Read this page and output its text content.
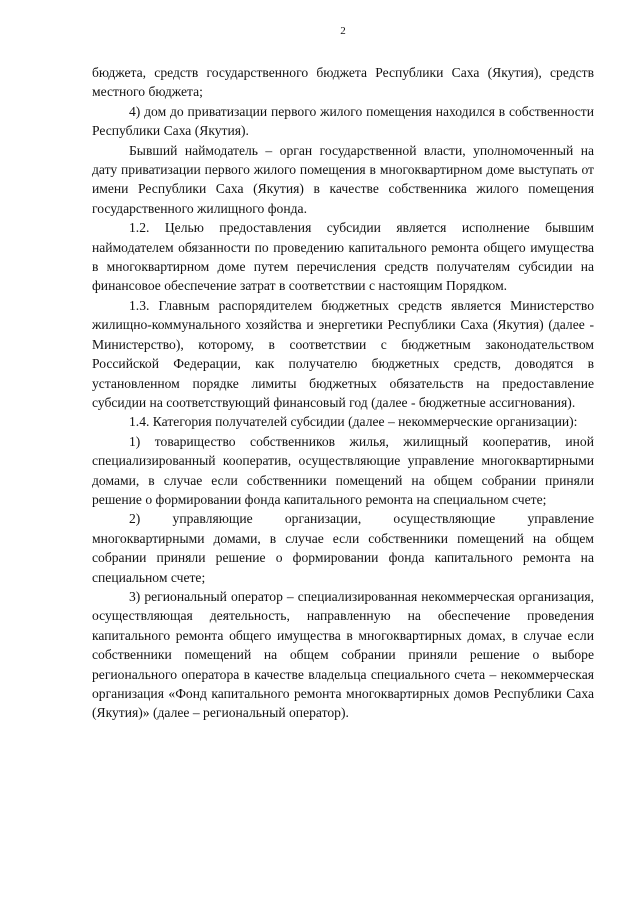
2

бюджета, средств государственного бюджета Республики Саха (Якутия), средств местного бюджета;

4) дом до приватизации первого жилого помещения находился в собственности Республики Саха (Якутия).

Бывший наймодатель – орган государственной власти, уполномоченный на дату приватизации первого жилого помещения в многоквартирном доме выступать от имени Республики Саха (Якутия) в качестве собственника жилого помещения государственного жилищного фонда.

1.2. Целью предоставления субсидии является исполнение бывшим наймодателем обязанности по проведению капитального ремонта общего имущества в многоквартирном доме путем перечисления средств получателям субсидии на финансовое обеспечение затрат в соответствии с настоящим Порядком.

1.3. Главным распорядителем бюджетных средств является Министерство жилищно-коммунального хозяйства и энергетики Республики Саха (Якутия) (далее - Министерство), которому, в соответствии с бюджетным законодательством Российской Федерации, как получателю бюджетных средств, доводятся в установленном порядке лимиты бюджетных обязательств на предоставление субсидии на соответствующий финансовый год (далее - бюджетные ассигнования).

1.4. Категория получателей субсидии (далее – некоммерческие организации):

1) товарищество собственников жилья, жилищный кооператив, иной специализированный кооператив, осуществляющие управление многоквартирными домами, в случае если собственники помещений на общем собрании приняли решение о формировании фонда капитального ремонта на специальном счете;

2) управляющие организации, осуществляющие управление многоквартирными домами, в случае если собственники помещений на общем собрании приняли решение о формировании фонда капитального ремонта на специальном счете;

3) региональный оператор – специализированная некоммерческая организация, осуществляющая деятельность, направленную на обеспечение проведения капитального ремонта общего имущества в многоквартирных домах, в случае если собственники помещений на общем собрании приняли решение о выборе регионального оператора в качестве владельца специального счета – некоммерческая организация «Фонд капитального ремонта многоквартирных домов Республики Саха (Якутия)» (далее – региональный оператор).
